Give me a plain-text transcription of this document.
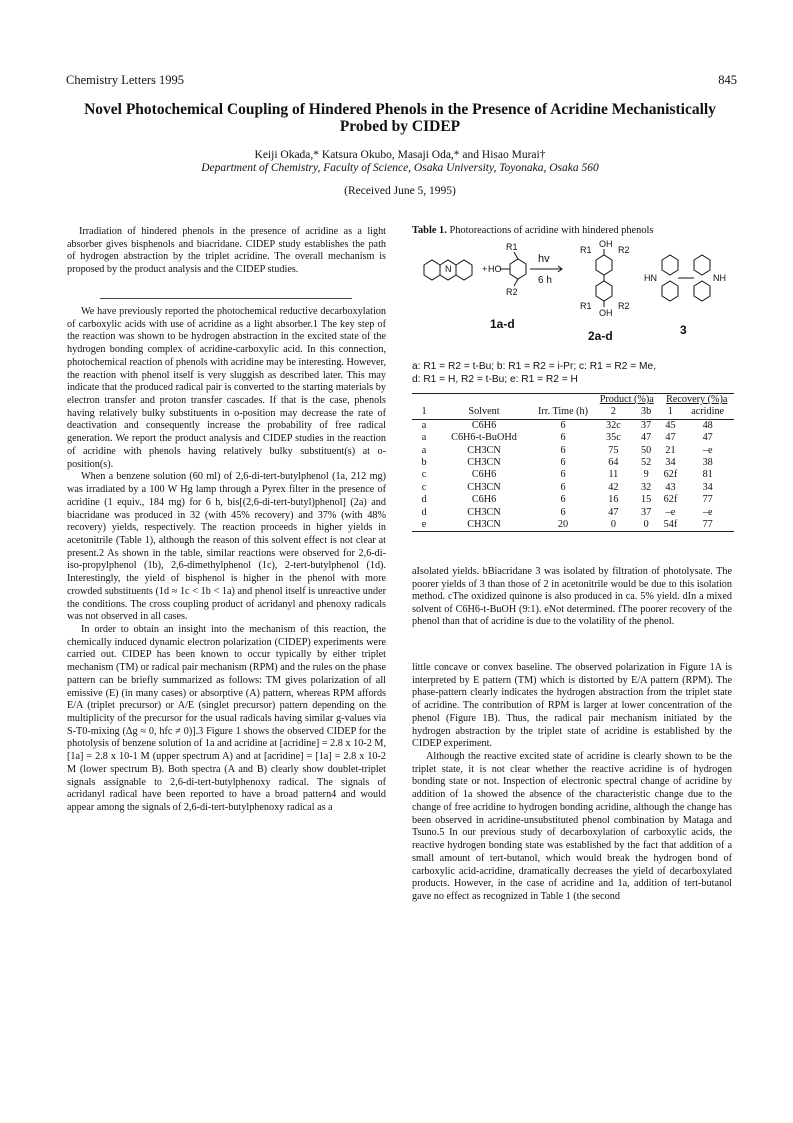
Chemistry Letters 1995	845
Novel Photochemical Coupling of Hindered Phenols in the Presence of Acridine Mechanistically Probed by CIDEP
Keiji Okada,* Katsura Okubo, Masaji Oda,* and Hisao Murai†
Department of Chemistry, Faculty of Science, Osaka University, Toyonaka, Osaka 560
(Received June 5, 1995)

Irradiation of hindered phenols in the presence of acridine as a light absorber gives bisphenols and biacridane. CIDEP study establishes the path of hydrogen abstraction by the triplet acridine. The overall mechanism is proposed by the product analysis and the CIDEP studies.

We have previously reported the photochemical reductive decarboxylation of carboxylic acids with use of acridine as a light absorber.1 The key step of the reaction was shown to be hydrogen abstraction in the excited state of the hydrogen bonding complex of acridine-carboxylic acid. In this connection, photochemical reaction of phenols with acridine may be interesting. However, the reaction with phenol itself is very sluggish as described later. This may indicate that the produced radical pair is converted to the starting materials by electron transfer and proton transfer cascades. If that is the case, phenols having relatively bulky substituents in o-position may decrease the rate of deactivation and consequently increase the probability of free radical generation. We report the product analysis and CIDEP studies in the reaction of acridine with phenols having relatively bulky substituent(s) at o-position(s).

When a benzene solution (60 ml) of 2,6-di-tert-butylphenol (1a, 212 mg) was irradiated by a 100 W Hg lamp through a Pyrex filter in the presence of acridine (1 equiv., 184 mg) for 6 h, bis[(2,6-di-tert-butyl)phenol] (2a) and biacridane was produced in 32 (with 45% recovery) and 37% (with 48% recovery) yields, respectively. The reaction proceeds in higher yields in acetonitrile (Table 1), although the reason of this solvent effect is not clear at present.2 As shown in the table, similar reactions were observed for 2,6-di-iso-propylphenol (1b), 2,6-dimethylphenol (1c), 2-tert-butylphenol (1d). Interestingly, the yield of bisphenol is higher in the phenol with more crowded substituents (1d ≈ 1c < 1b < 1a) and phenol itself is unreactive under the conditions. The cross coupling product of acridanyl and phenoxy radicals was not observed in all cases.

In order to obtain an insight into the mechanism of this reaction, the chemically induced dynamic electron polarization (CIDEP) experiments were carried out. CIDEP has been known to occur typically by either triplet mechanism (TM) or radical pair mechanism (RPM) and the rules on the phase pattern can be briefly summarized as follows: TM gives polarization of all emissive (E) (in many cases) or absorptive (A) pattern, whereas RPM affords E/A (triplet precursor) or A/E (singlet precursor) pattern depending on the multiplicity of the precursor for the usual radicals having similar g-values via S-T0-mixing (Δg ≈ 0, hfc ≠ 0)].3 Figure 1 shows the observed CIDEP for the photolysis of benzene solution of 1a and acridine at [acridine] = 2.8 x 10-2 M, [1a] = 2.8 x 10-1 M (upper spectrum A) and at [acridine] = [1a] = 2.8 x 10-2 M (lower spectrum B). Both spectra (A and B) clearly show doublet-triplet signals assignable to 2,6-di-tert-butylphenoxy radical. The signals of acridanyl radical have been reported to have a broad pattern4 and would appear among the signals of 2,6-di-tert-butylphenoxy radical as a

Table 1. Photoreactions of acridine with hindered phenols
N	+ HO
R1
R2
hv
6 h
OH
OH
R2
R1
R1	R2
HN	NH
1a-d
2a-d	3
a: R1 = R2 = t-Bu; b: R1 = R2 = i-Pr; c: R1 = R2 = Me,
d: R1 = H, R2 = t-Bu; e: R1 = R2 = H
			Product (%)a		Recovery (%)a	
1	Solvent	Irr. Time (h)	2	3b	1	acridine
a	C6H6	6	32c	37	45	48
a	C6H6-t-BuOHd	6	35c	47	47	47
a	CH3CN	6	75	50	21	–e
b	CH3CN	6	64	52	34	38
c	C6H6	6	11	9	62f	81
c	CH3CN	6	42	32	43	34
d	C6H6	6	16	15	62f	77
d	CH3CN	6	47	37	–e	–e
e	CH3CN	20	0	0	54f	77

aIsolated yields. bBiacridane 3 was isolated by filtration of photolysate. The poorer yields of 3 than those of 2 in acetonitrile would be due to this isolation method. cThe oxidized quinone is also produced in ca. 5% yield. dIn a mixed solvent of C6H6-t-BuOH (9:1). eNot determined. fThe poorer recovery of the phenol than that of acridine is due to the volatility of the phenol.

little concave or convex baseline. The observed polarization in Figure 1A is interpreted by E pattern (TM) which is distorted by E/A pattern (RPM). The phase-pattern clearly indicates the hydrogen abstraction from the triplet state of acridine. The contribution of RPM is larger at lower concentration of the phenol (Figure 1B). Thus, the radical pair mechanism initiated by the hydrogen abstraction by the triplet state of acridine is established by the CIDEP experiment.

Although the reactive excited state of acridine is clearly shown to be the triplet state, it is not clear whether the reactive acridine is of hydrogen bonding state or not. Inspection of electronic spectral change of acridine by addition of 1a showed the absence of the characteristic change due to the change of free acridine to hydrogen bonding acridine, although the change has been observed in acridine-unsubstituted phenol combination by Mataga and Tsuno.5 In our previous study of decarboxylation of carboxylic acids, the reactive hydrogen bonding state was established by the fact that addition of a small amount of tert-butanol, which would break the hydrogen bond of carboxylic acid-acridine, dramatically decreases the yield of decarboxylated products. However, in the case of acridine and 1a, addition of tert-butanol gave no effect as recognized in Table 1 (the second
